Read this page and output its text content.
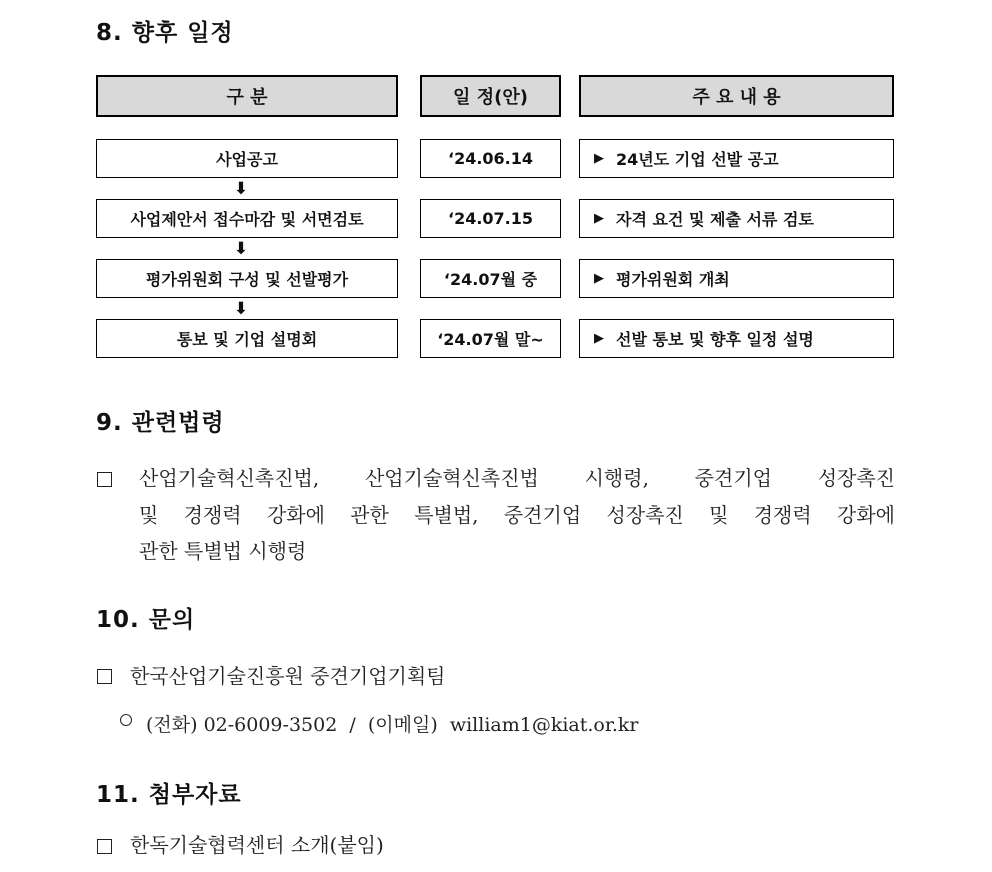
8. 향후 일정
구 분	일 정(안)	주 요 내 용
사업공고	‘24.06.14	▶ 24년도 기업 선발 공고
⬇
사업제안서 접수마감 및 서면검토	‘24.07.15	▶ 자격 요건 및 제출 서류 검토
⬇
평가위원회 구성 및 선발평가	‘24.07월 중	▶ 평가위원회 개최
⬇
통보 및 기업 설명회	‘24.07월 말~	▶ 선발 통보 및 향후 일정 설명
9. 관련법령
산업기술혁신촉진법, 산업기술혁신촉진법 시행령, 중견기업 성장촉진
및 경쟁력 강화에 관한 특별법, 중견기업 성장촉진 및 경쟁력 강화에
관한 특별법 시행령
10. 문의
한국산업기술진흥원 중견기업기획팀
(전화) 02-6009-3502  /  (이메일)  william1@kiat.or.kr
11. 첨부자료
한독기술협력센터 소개(붙임)
